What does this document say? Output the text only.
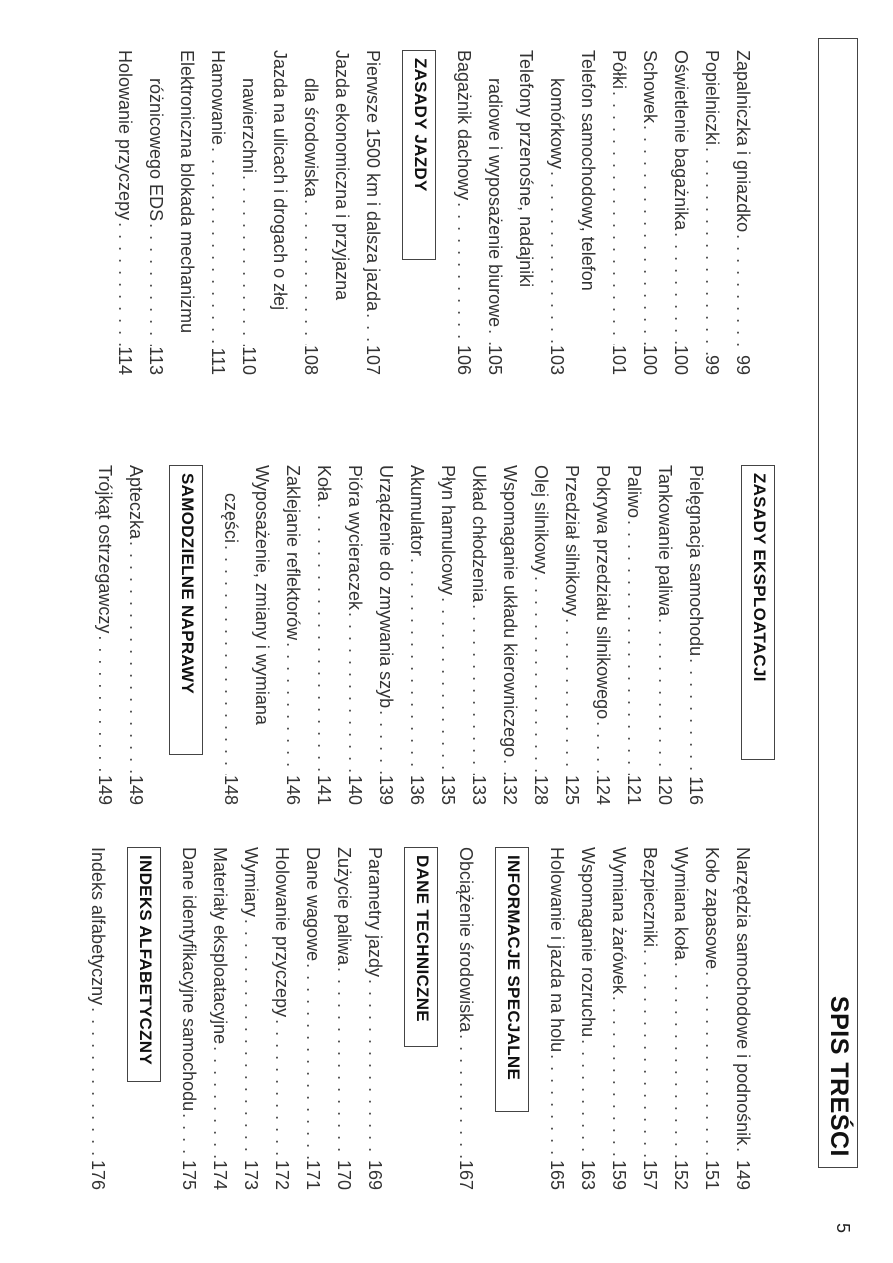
SPIS TREŚCI
5
Zapalniczka i gniazdko
. . .
99
Popielniczki
. . .
99
Oświetlenie bagażnika
. . .
100
Schowek
. . .
100
Półki
. . .
101
Telefon samochodowy, telefon
komórkowy
. . .
103
Telefony przenośne, nadajniki
radiowe i wyposażenie biurowe
. . .
105
Bagażnik dachowy
. . .
106
ZASADY JAZDY
Pierwsze 1500 km i dalsza jazda
. . .
107
Jazda ekonomiczna i przyjazna
dla środowiska
. . .
108
Jazda na ulicach i drogach o złej
nawierzchni
. . .
110
Hamowanie
. . .
111
Elektroniczna blokada mechanizmu
różnicowego EDS
. . .
113
Holowanie przyczepy
. . .
114
ZASADY EKSPLOATACJI
Pielęgnacja samochodu
. . .
116
Tankowanie paliwa
. . .
120
Paliwo
. . .
121
Pokrywa przedziału silnikowego
. . .
124
Przedział silnikowy
. . .
125
Olej silnikowy
. . .
128
Wspomaganie układu kierowniczego
. . .
132
Układ chłodzenia
. . .
133
Płyn hamulcowy
. . .
135
Akumulator
. . .
136
Urządzenie do zmywania szyb
. . .
139
Pióra wycieraczek
. . .
140
Koła
. . .
141
Zaklejanie reflektorów
. . .
146
Wyposażenie, zmiany i wymiana
części
. . .
148
SAMODZIELNE NAPRAWY
Apteczka
. . .
149
Trójkąt ostrzegawczy
. . .
149
Narzędzia samochodowe i podnośnik
. . .
149
Koło zapasowe
. . .
151
Wymiana koła
. . .
152
Bezpieczniki
. . .
157
Wymiana żarówek
. . .
159
Wspomaganie rozruchu
. . .
163
Holowanie i jazda na holu
. . .
165
INFORMACJE SPECJALNE
Obciążenie środowiska
. . .
167
DANE TECHNICZNE
Parametry jazdy
. . .
169
Zużycie paliwa
. . .
170
Dane wagowe
. . .
171
Holowanie przyczepy
. . .
172
Wymiary
. . .
173
Materiały eksploatacyjne
. . .
174
Dane identyfikacyjne samochodu
. . .
175
INDEKS ALFABETYCZNY
Indeks alfabetyczny
. . .
176
